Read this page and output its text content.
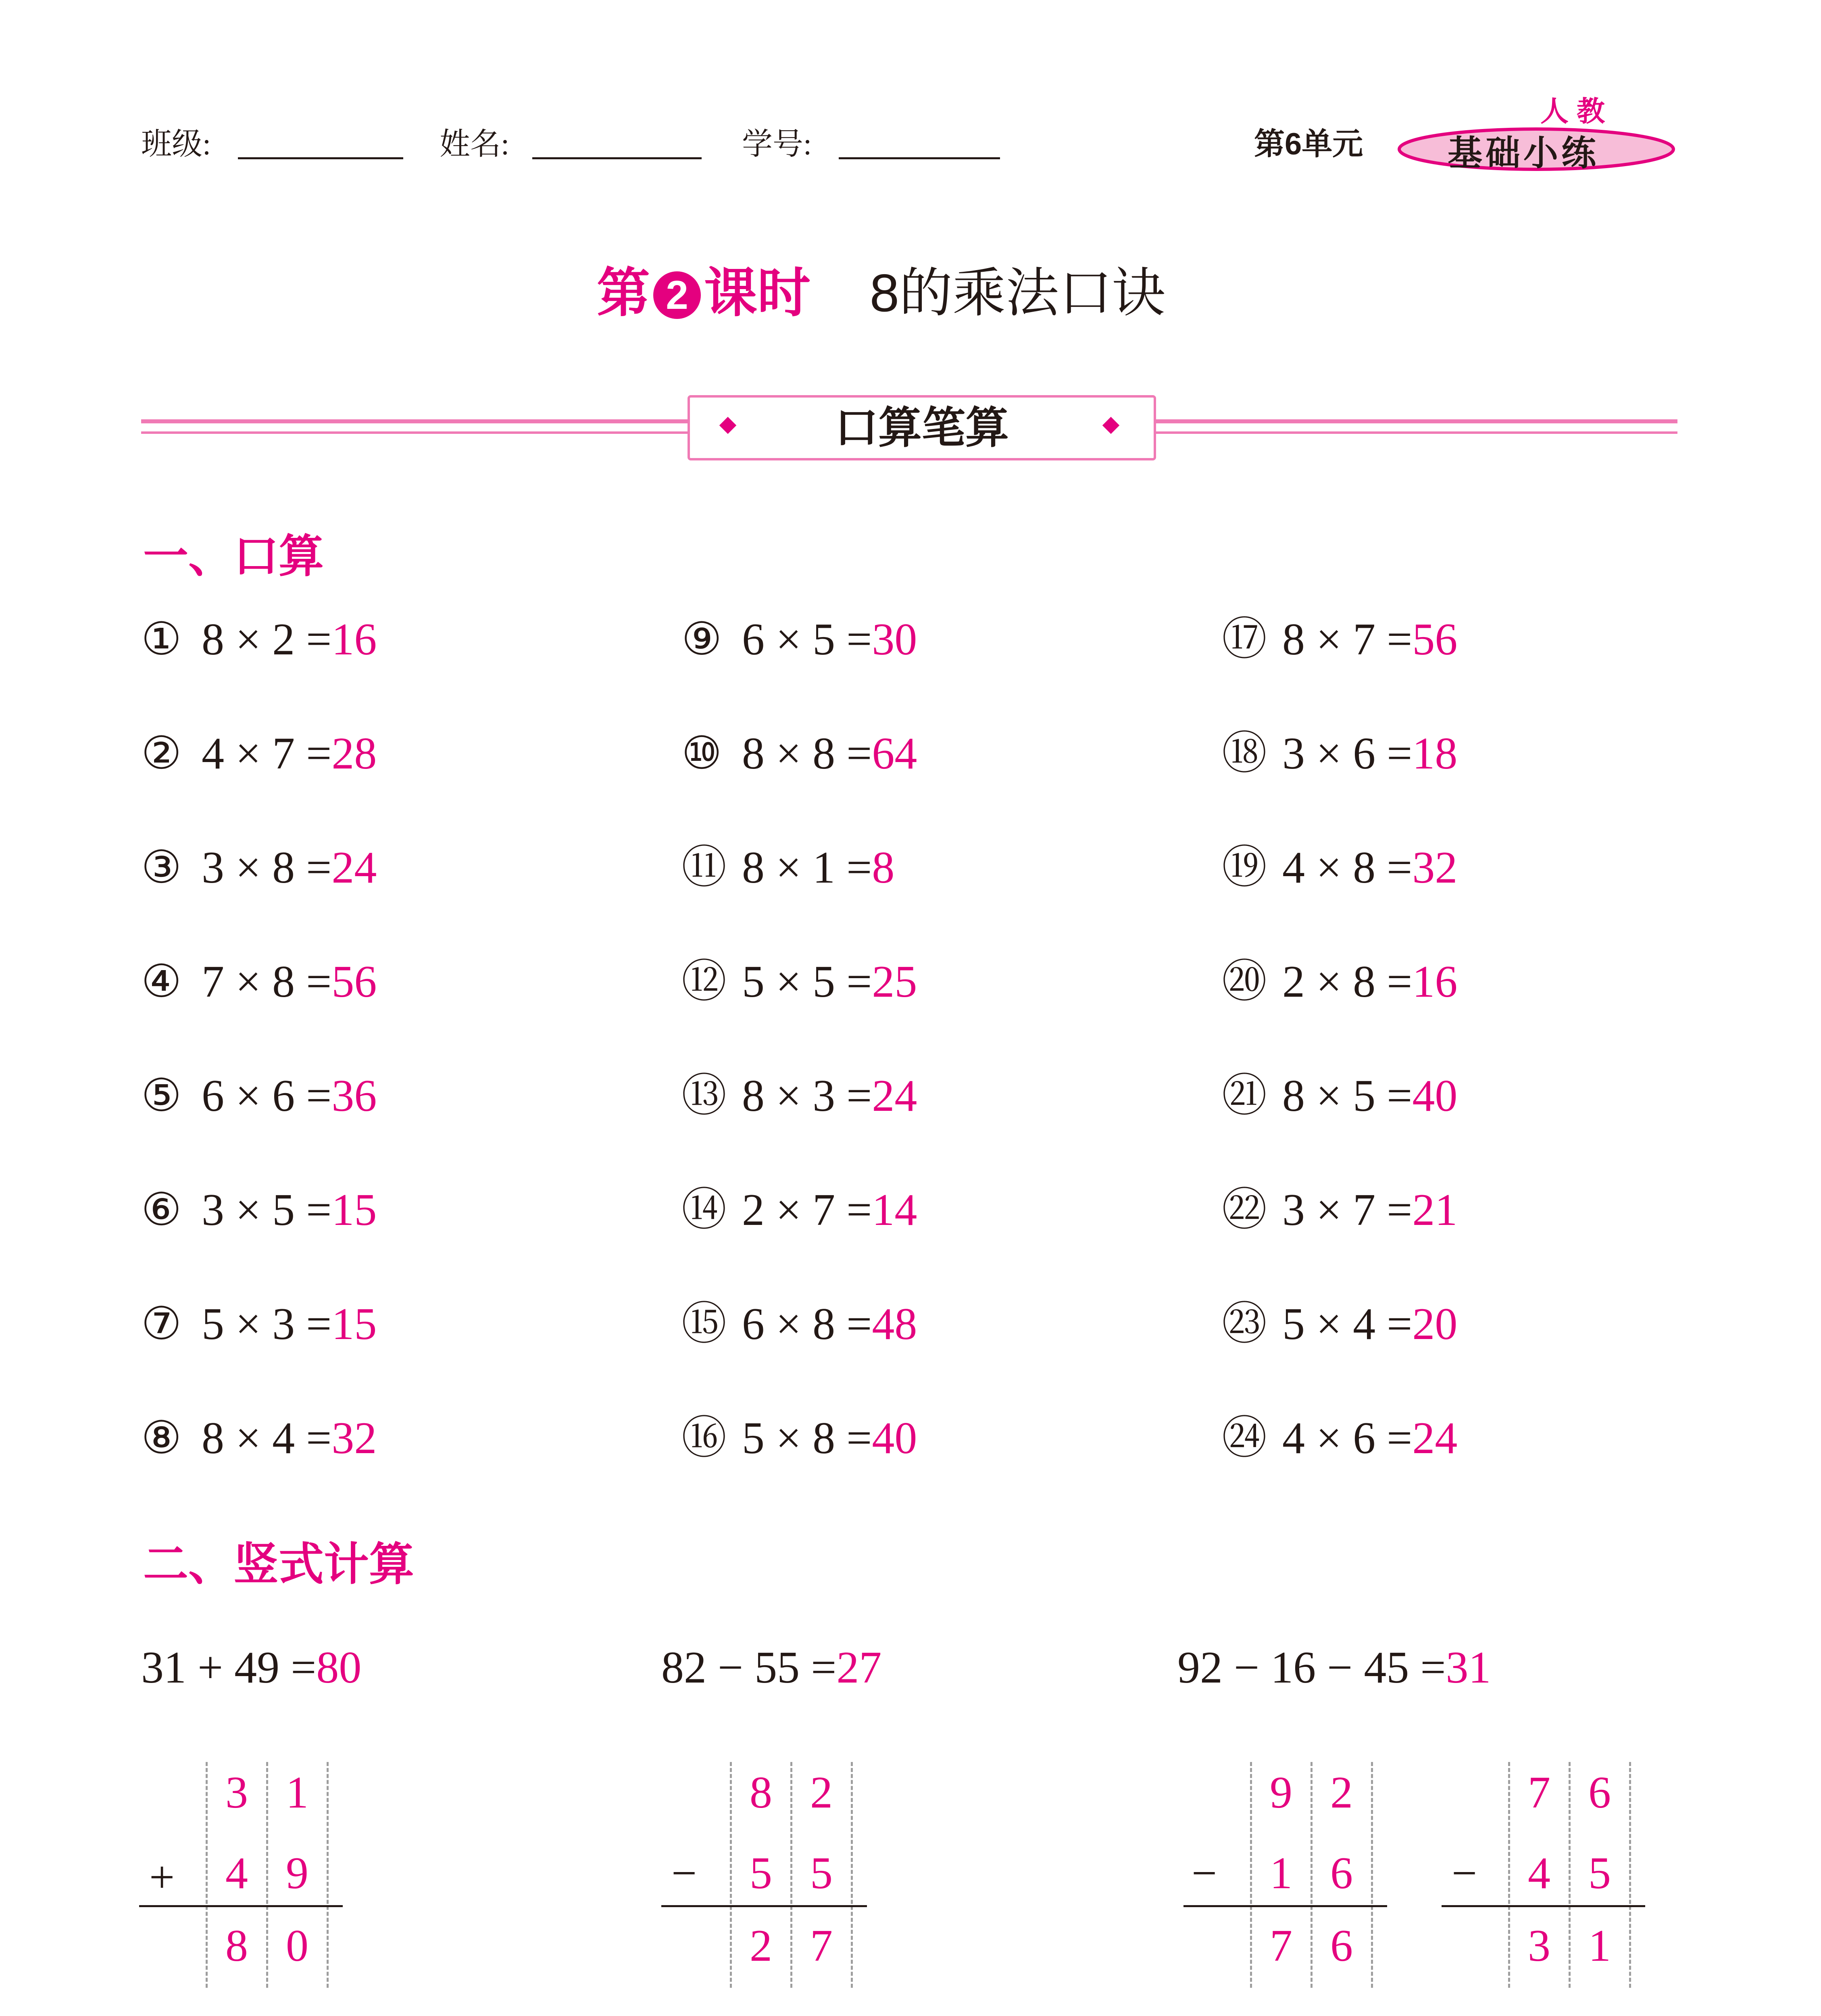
班级:	姓名:	学号:	第6单元
人教
基础小练
第 2 课时 8的乘法口诀
口算笔算
一、口算
① 8 × 2 =16
② 4 × 7 =28
③ 3 × 8 =24
④ 7 × 8 =56
⑤ 6 × 6 =36
⑥ 3 × 5 =15
⑦ 5 × 3 =15
⑧ 8 × 4 =32
⑨ 6 × 5 =30
⑩ 8 × 8 =64
⑪ 8 × 1 =8
⑫ 5 × 5 =25
⑬ 8 × 3 =24
⑭ 2 × 7 =14
⑮ 6 × 8 =48
⑯ 5 × 8 =40
⑰ 8 × 7 =56
⑱ 3 × 6 =18
⑲ 4 × 8 =32
⑳ 2 × 8 =16
㉑ 8 × 5 =40
㉒ 3 × 7 =21
㉓ 5 × 4 =20
㉔ 4 × 6 =24
二、竖式计算
31 + 49 =80	82 − 55 =27	92 − 16 − 45 =31
3 1
+	4 9
8 0
8 2
−	5 5
2 7
9 2
−	1 6
7 6
7 6
−	4 5
3 1
